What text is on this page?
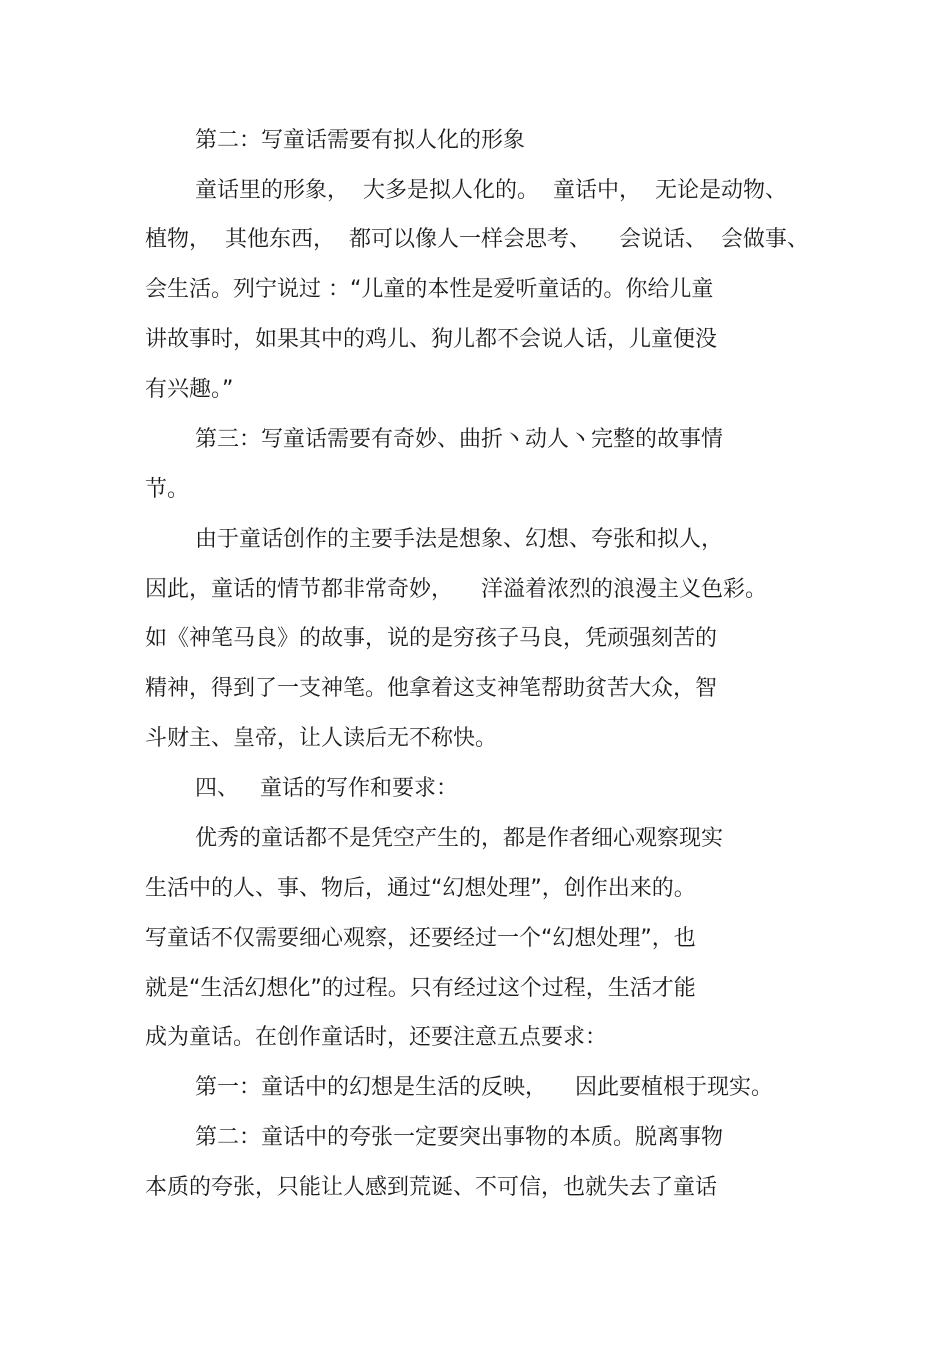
第二：写童话需要有拟人化的形象

童话里的形象，  大多是拟人化的。  童话中，  无论是动物、

植物，  其他东西，  都可以像人一样会思考、    会说话、  会做事、

会生活。列宁说过 ：“儿童的本性是爱听童话的。你给儿童

讲故事时，如果其中的鸡儿、狗儿都不会说人话，儿童便没

有兴趣。”

第三：写童话需要有奇妙、曲折丶动人丶完整的故事情

节。

由于童话创作的主要手法是想象、幻想、夸张和拟人，

因此，童话的情节都非常奇妙，    洋溢着浓烈的浪漫主义色彩。

如《神笔马良》的故事，说的是穷孩子马良，凭顽强刻苦的

精神，得到了一支神笔。他拿着这支神笔帮助贫苦大众，智

斗财主、皇帝，让人读后无不称快。

四、   童话的写作和要求：

优秀的童话都不是凭空产生的，都是作者细心观察现实

生活中的人、事、物后，通过“幻想处理”，创作出来的。

写童话不仅需要细心观察，还要经过一个“幻想处理”，也

就是“生活幻想化”的过程。只有经过这个过程，生活才能

成为童话。在创作童话时，还要注意五点要求：

第一：童话中的幻想是生活的反映，    因此要植根于现实。

第二：童话中的夸张一定要突出事物的本质。脱离事物

本质的夸张，只能让人感到荒诞、不可信，也就失去了童话
